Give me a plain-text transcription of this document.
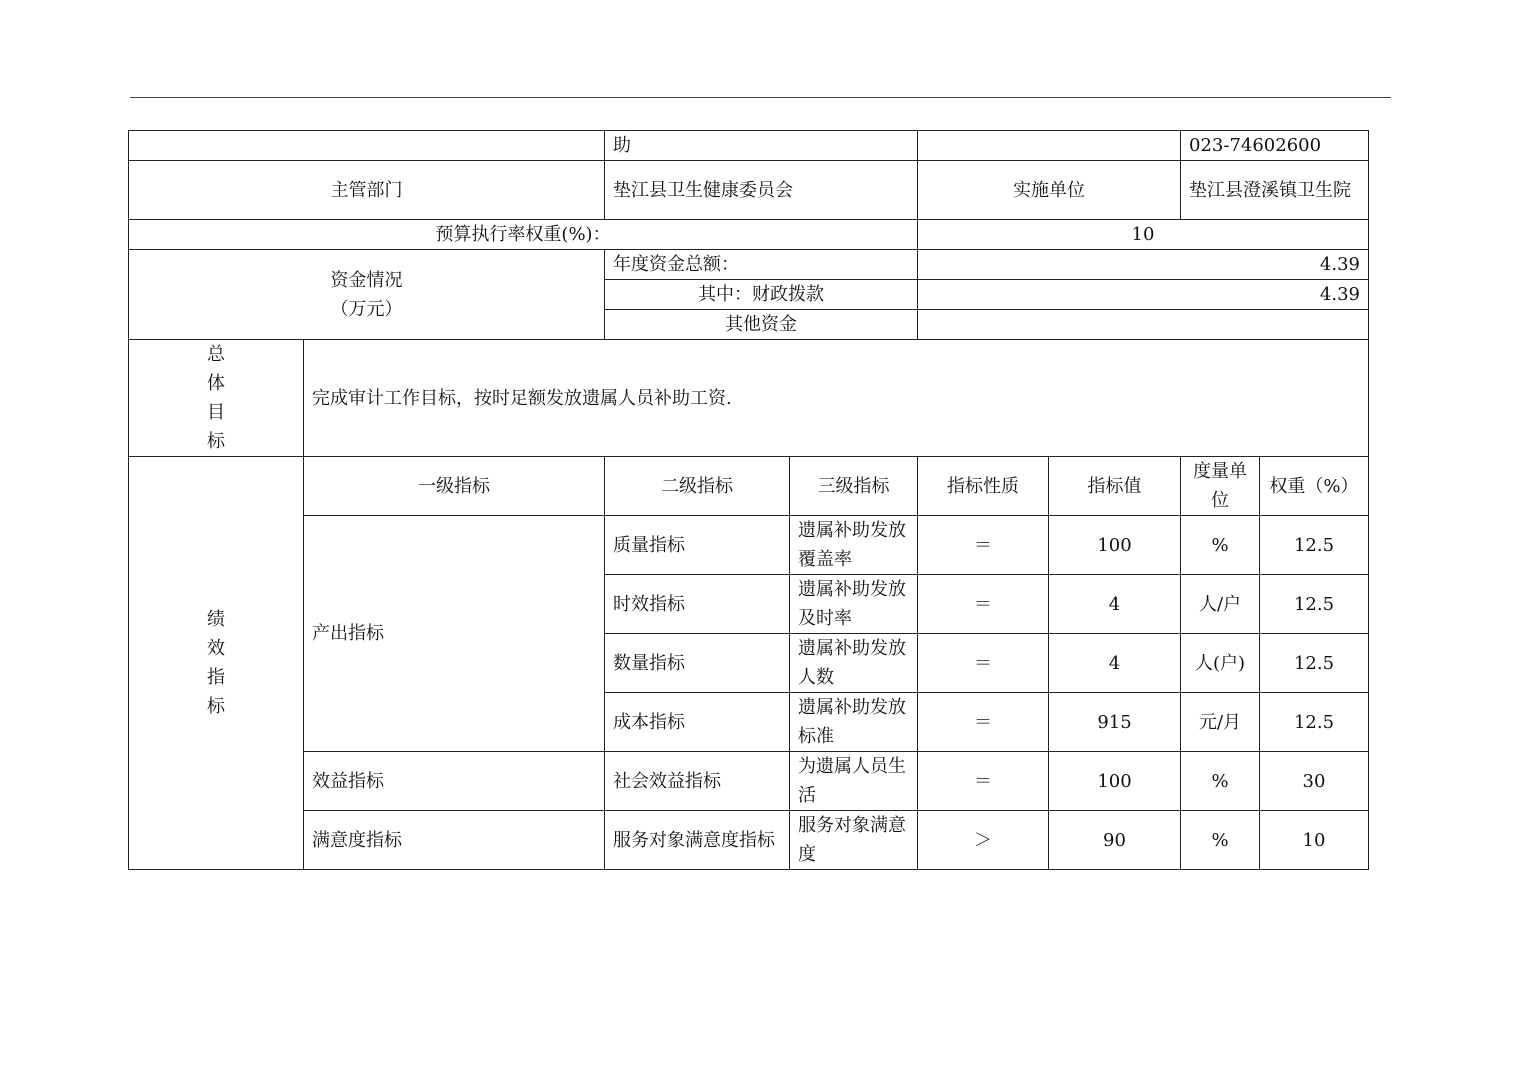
		助				023-74602600	
主管部门		垫江县卫生健康委员会		实施单位		垫江县澄溪镇卫生院	
预算执行率权重(%)：				10			

资金情况
（万元）		年度资金总额：		4.39			
		其中：财政拨款		4.39			
		其他资金					

总体目标	完成审计工作目标，按时足额发放遗属人员补助工资.						

绩效指标	一级指标	二级指标	三级指标	指标性质	指标值	度量单位	权重（%）
	产出指标	质量指标	遗属补助发放覆盖率	＝	100	%	12.5
		时效指标	遗属补助发放及时率	＝	4	人/户	12.5
		数量指标	遗属补助发放人数	＝	4	人(户)	12.5
		成本指标	遗属补助发放标准	＝	915	元/月	12.5
	效益指标	社会效益指标	为遗属人员生活	＝	100	%	30
	满意度指标	服务对象满意度指标	服务对象满意度	＞	90	%	10
